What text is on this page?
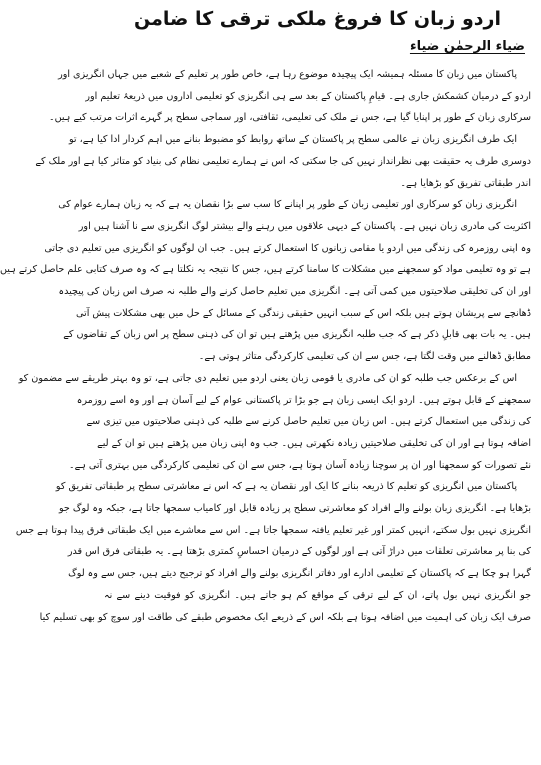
اردو زبان کا فروغ ملکی ترقی کا ضامن
ضیاء الرحمٰن ضیاء

پاکستان میں زبان کا مسئلہ ہمیشہ ایک پیچیدہ موضوع رہا ہے، خاص طور پر تعلیم کے شعبے میں جہاں انگریزی اور
اردو کے درمیان کشمکش جاری ہے۔ قیامِ پاکستان کے بعد سے ہی انگریزی کو تعلیمی اداروں میں ذریعۂ تعلیم اور
سرکاری زبان کے طور پر اپنایا گیا ہے، جس نے ملک کی تعلیمی، ثقافتی، اور سماجی سطح پر گہرے اثرات مرتب کیے ہیں۔

ایک طرف انگریزی زبان نے عالمی سطح پر پاکستان کے ساتھ روابط کو مضبوط بنانے میں اہم کردار ادا کیا ہے، تو
دوسری طرف یہ حقیقت بھی نظرانداز نہیں کی جا سکتی کہ اس نے ہمارے تعلیمی نظام کی بنیاد کو متاثر کیا ہے اور ملک کے
اندر طبقاتی تفریق کو بڑھایا ہے۔

انگریزی زبان کو سرکاری اور تعلیمی زبان کے طور پر اپنانے کا سب سے بڑا نقصان یہ ہے کہ یہ زبان ہمارے عوام کی
اکثریت کی مادری زبان نہیں ہے۔ پاکستان کے دیہی علاقوں میں رہنے والے بیشتر لوگ انگریزی سے نا آشنا ہیں اور
وہ اپنی روزمرہ کی زندگی میں اردو یا مقامی زبانوں کا استعمال کرتے ہیں۔ جب ان لوگوں کو انگریزی میں تعلیم دی جاتی
ہے تو وہ تعلیمی مواد کو سمجھنے میں مشکلات کا سامنا کرتے ہیں، جس کا نتیجہ یہ نکلتا ہے کہ وہ صرف کتابی علم حاصل کرتے ہیں
اور ان کی تخلیقی صلاحیتوں میں کمی آتی ہے۔ انگریزی میں تعلیم حاصل کرنے والے طلبہ نہ صرف اس زبان کی پیچیدہ
ڈھانچے سے پریشان ہوتے ہیں بلکہ اس کے سبب انہیں حقیقی زندگی کے مسائل کے حل میں بھی مشکلات پیش آتی
ہیں۔ یہ بات بھی قابلِ ذکر ہے کہ جب طلبہ انگریزی میں پڑھتے ہیں تو ان کی ذہنی سطح پر اس زبان کے تقاضوں کے
مطابق ڈھالنے میں وقت لگتا ہے، جس سے ان کی تعلیمی کارکردگی متاثر ہوتی ہے۔

اس کے برعکس جب طلبہ کو ان کی مادری یا قومی زبان یعنی اردو میں تعلیم دی جاتی ہے، تو وہ بہتر طریقے سے مضمون کو
سمجھنے کے قابل ہوتے ہیں۔ اردو ایک ایسی زبان ہے جو بڑا تر پاکستانی عوام کے لیے آسان ہے اور وہ اسے روزمرہ
کی زندگی میں استعمال کرتے ہیں۔ اس زبان میں تعلیم حاصل کرنے سے طلبہ کی ذہنی صلاحیتوں میں تیزی سے
اضافہ ہوتا ہے اور ان کی تخلیقی صلاحیتیں زیادہ نکھرتی ہیں۔ جب وہ اپنی زبان میں پڑھتے ہیں تو ان کے لیے
نئے تصورات کو سمجھنا اور ان پر سوچنا زیادہ آسان ہوتا ہے، جس سے ان کی تعلیمی کارکردگی میں بہتری آتی ہے۔

پاکستان میں انگریزی کو تعلیم کا ذریعہ بنانے کا ایک اور نقصان یہ ہے کہ اس نے معاشرتی سطح پر طبقاتی تفریق کو
بڑھایا ہے۔ انگریزی زبان بولنے والے افراد کو معاشرتی سطح پر زیادہ قابل اور کامیاب سمجھا جاتا ہے، جبکہ وہ لوگ جو
انگریزی نہیں بول سکتے، انہیں کمتر اور غیر تعلیم یافتہ سمجھا جاتا ہے۔ اس سے معاشرے میں ایک طبقاتی فرق پیدا ہوتا ہے جس
کی بنا پر معاشرتی تعلقات میں دراڑ آتی ہے اور لوگوں کے درمیان احساسِ کمتری بڑھتا ہے۔ یہ طبقاتی فرق اس قدر
گہرا ہو چکا ہے کہ پاکستان کے تعلیمی ادارے اور دفاتر انگریزی بولنے والے افراد کو ترجیح دیتے ہیں، جس سے وہ لوگ
جو انگریزی نہیں بول پاتے، ان کے لیے ترقی کے مواقع کم ہو جاتے ہیں۔ انگریزی کو فوقیت دینے سے نہ
صرف ایک زبان کی اہمیت میں اضافہ ہوتا ہے بلکہ اس کے ذریعے ایک مخصوص طبقے کی طاقت اور سوچ کو بھی تسلیم کیا
